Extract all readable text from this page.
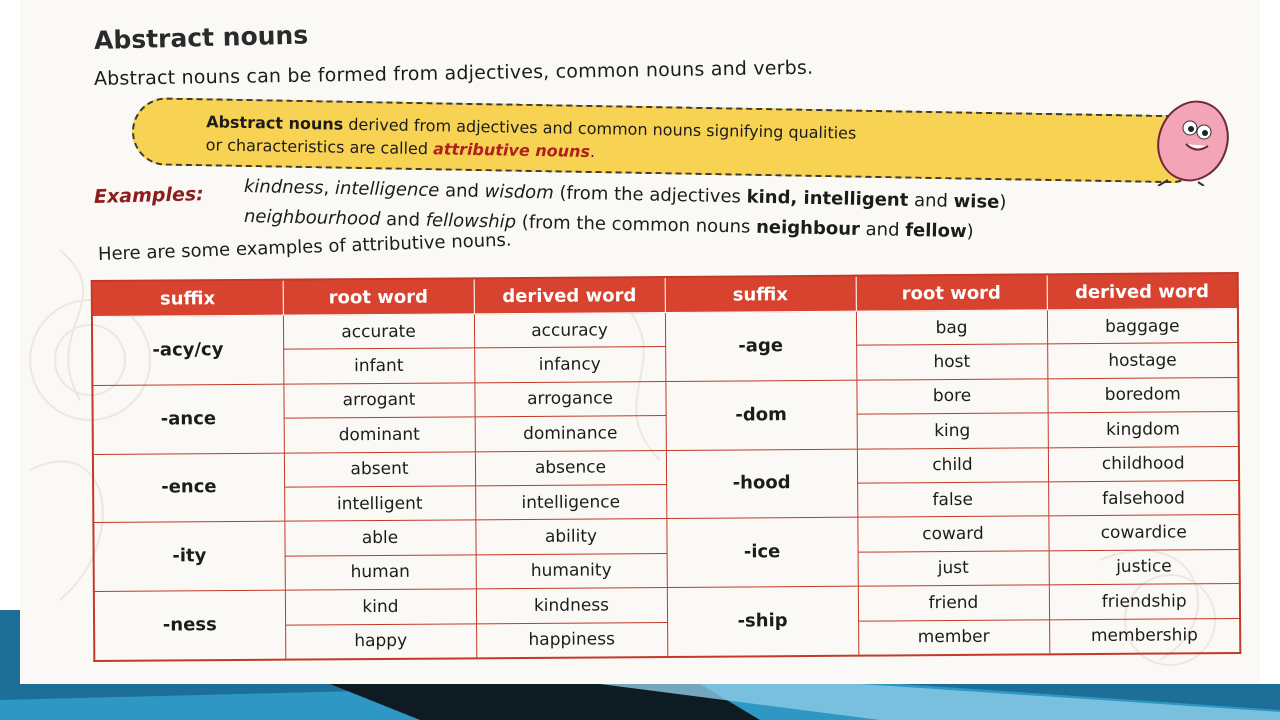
Abstract nouns
Abstract nouns can be formed from adjectives, common nouns and verbs.
Abstract nouns derived from adjectives and common nouns signifying qualities
or characteristics are called attributive nouns.
Examples: kindness, intelligence and wisdom (from the adjectives kind, intelligent and wise)
neighbourhood and fellowship (from the common nouns neighbour and fellow)
Here are some examples of attributive nouns.
suffix	root word	derived word	suffix	root word	derived word
-acy/cy	accurate	accuracy	-age	bag	baggage
	infant	infancy		host	hostage
-ance	arrogant	arrogance	-dom	bore	boredom
	dominant	dominance		king	kingdom
-ence	absent	absence	-hood	child	childhood
	intelligent	intelligence		false	falsehood
-ity	able	ability	-ice	coward	cowardice
	human	humanity		just	justice
-ness	kind	kindness	-ship	friend	friendship
	happy	happiness		member	membership
